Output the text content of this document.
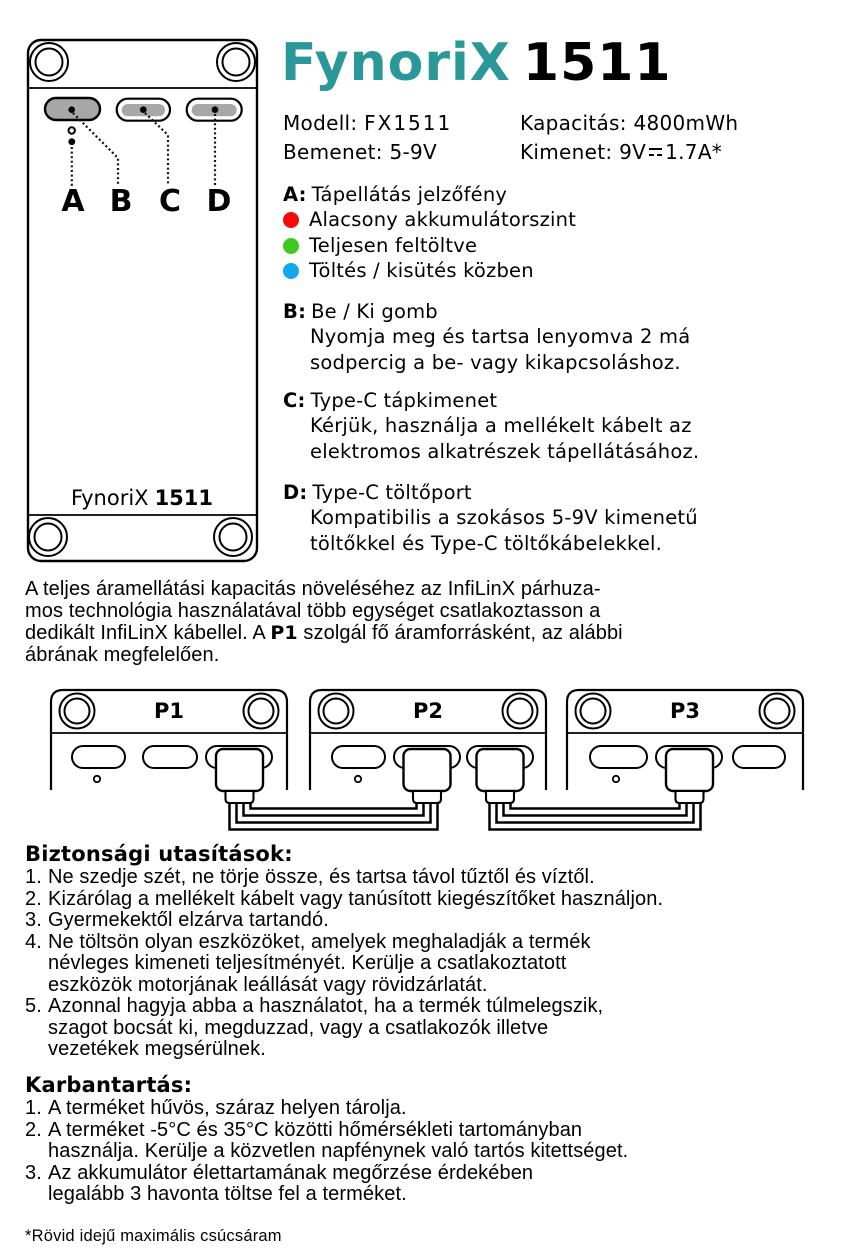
A B C D
FynoriX 1511
FynoriX 1511
Modell: FX1511	Kapacitás: 4800mWh
Bemenet: 5-9V	Kimenet: 9V 1.7A*
A: Tápellátás jelzőfény
Alacsony akkumulátorszint
Teljesen feltöltve
Töltés / kisütés közben
B: Be / Ki gomb
Nyomja meg és tartsa lenyomva 2 má
sodpercig a be- vagy kikapcsoláshoz.
C: Type-C tápkimenet
Kérjük, használja a mellékelt kábelt az
elektromos alkatrészek tápellátásához.
D: Type-C töltőport
Kompatibilis a szokásos 5-9V kimenetű
töltőkkel és Type-C töltőkábelekkel.
A teljes áramellátási kapacitás növeléséhez az InfiLinX párhuza-
mos technológia használatával több egységet csatlakoztasson a
dedikált InfiLinX kábellel. A P1 szolgál fő áramforrásként, az alábbi
ábrának megfelelően.
P1	P2	P3
Biztonsági utasítások:
1. Ne szedje szét, ne törje össze, és tartsa távol tűztől és víztől.
2. Kizárólag a mellékelt kábelt vagy tanúsított kiegészítőket használjon.
3. Gyermekektől elzárva tartandó.
4. Ne töltsön olyan eszközöket, amelyek meghaladják a termék
névleges kimeneti teljesítményét. Kerülje a csatlakoztatott
eszközök motorjának leállását vagy rövidzárlatát.
5. Azonnal hagyja abba a használatot, ha a termék túlmelegszik,
szagot bocsát ki, megduzzad, vagy a csatlakozók illetve
vezetékek megsérülnek.
Karbantartás:
1. A terméket hűvös, száraz helyen tárolja.
2. A terméket -5°C és 35°C közötti hőmérsékleti tartományban
használja. Kerülje a közvetlen napfénynek való tartós kitettséget.
3. Az akkumulátor élettartamának megőrzése érdekében
legalább 3 havonta töltse fel a terméket.
*Rövid idejű maximális csúcsáram
